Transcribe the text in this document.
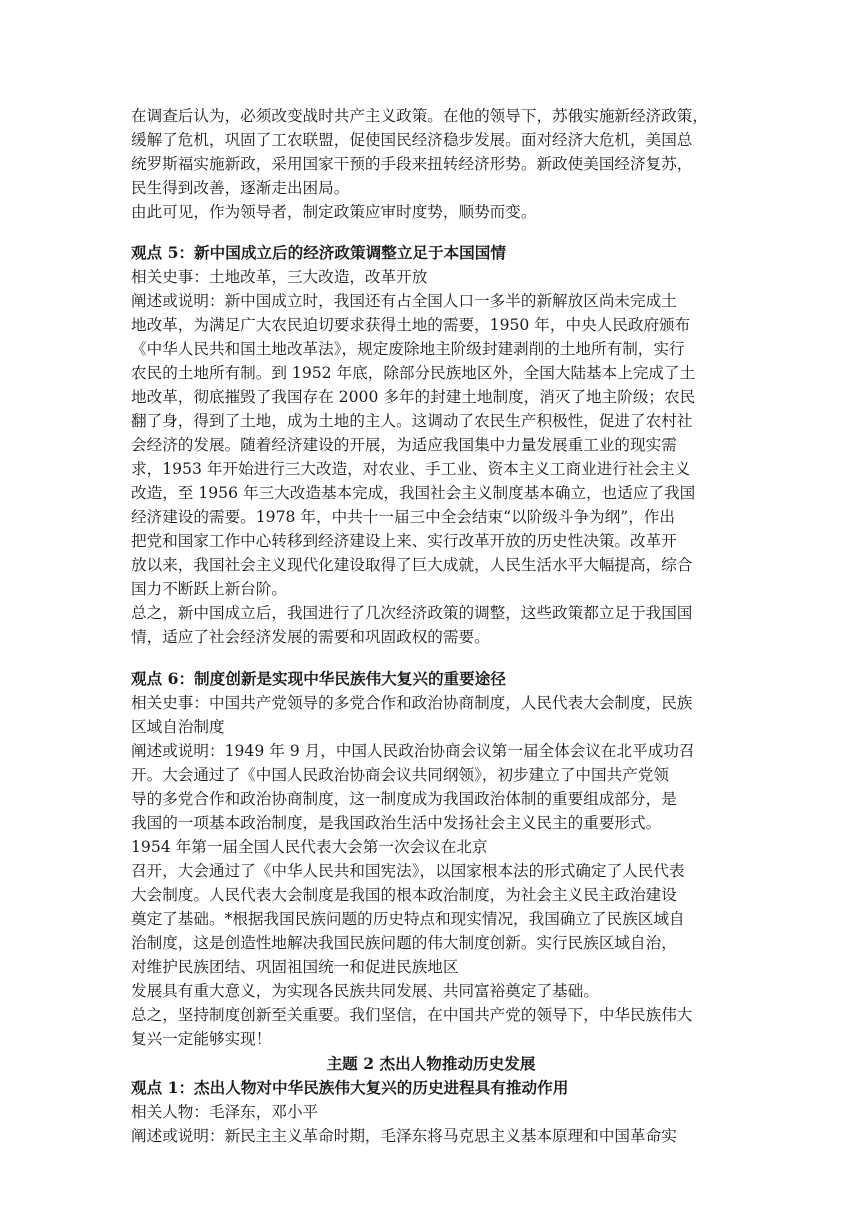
在调查后认为，必须改变战时共产主义政策。在他的领导下，苏俄实施新经济政策，
缓解了危机，巩固了工农联盟，促使国民经济稳步发展。面对经济大危机，美国总
统罗斯福实施新政，采用国家干预的手段来扭转经济形势。新政使美国经济复苏，
民生得到改善，逐渐走出困局。
由此可见，作为领导者，制定政策应审时度势，顺势而变。
观点 5：新中国成立后的经济政策调整立足于本国国情
相关史事：土地改革，三大改造，改革开放
阐述或说明：新中国成立时，我国还有占全国人口一多半的新解放区尚未完成土
地改革，为满足广大农民迫切要求获得土地的需要，1950 年，中央人民政府颁布
《中华人民共和国土地改革法》，规定废除地主阶级封建剥削的土地所有制，实行
农民的土地所有制。到 1952 年底，除部分民族地区外，全国大陆基本上完成了土
地改革，彻底摧毁了我国存在 2000 多年的封建土地制度，消灭了地主阶级；农民
翻了身，得到了土地，成为土地的主人。这调动了农民生产积极性，促进了农村社
会经济的发展。随着经济建设的开展，为适应我国集中力量发展重工业的现实需
求，1953 年开始进行三大改造，对农业、手工业、资本主义工商业进行社会主义
改造，至 1956 年三大改造基本完成，我国社会主义制度基本确立，也适应了我国
经济建设的需要。1978 年，中共十一届三中全会结束“以阶级斗争为纲”，作出
把党和国家工作中心转移到经济建设上来、实行改革开放的历史性决策。改革开
放以来，我国社会主义现代化建设取得了巨大成就，人民生活水平大幅提高，综合
国力不断跃上新台阶。
总之，新中国成立后，我国进行了几次经济政策的调整，这些政策都立足于我国国
情，适应了社会经济发展的需要和巩固政权的需要。
观点 6：制度创新是实现中华民族伟大复兴的重要途径
相关史事：中国共产党领导的多党合作和政治协商制度，人民代表大会制度，民族
区域自治制度
阐述或说明：1949 年 9 月，中国人民政治协商会议第一届全体会议在北平成功召
开。大会通过了《中国人民政治协商会议共同纲领》，初步建立了中国共产党领
导的多党合作和政治协商制度，这一制度成为我国政治体制的重要组成部分，是
我国的一项基本政治制度，是我国政治生活中发扬社会主义民主的重要形式。
1954 年第一届全国人民代表大会第一次会议在北京
召开，大会通过了《中华人民共和国宪法》，以国家根本法的形式确定了人民代表
大会制度。人民代表大会制度是我国的根本政治制度，为社会主义民主政治建设
奠定了基础。*根据我国民族问题的历史特点和现实情况，我国确立了民族区域自
治制度，这是创造性地解决我国民族问题的伟大制度创新。实行民族区域自治，
对维护民族团结、巩固祖国统一和促进民族地区
发展具有重大意义，为实现各民族共同发展、共同富裕奠定了基础。
总之，坚持制度创新至关重要。我们坚信，在中国共产党的领导下，中华民族伟大
复兴一定能够实现！
主题 2 杰出人物推动历史发展
观点 1：杰出人物对中华民族伟大复兴的历史进程具有推动作用
相关人物：毛泽东，邓小平
阐述或说明：新民主主义革命时期，毛泽东将马克思主义基本原理和中国革命实
